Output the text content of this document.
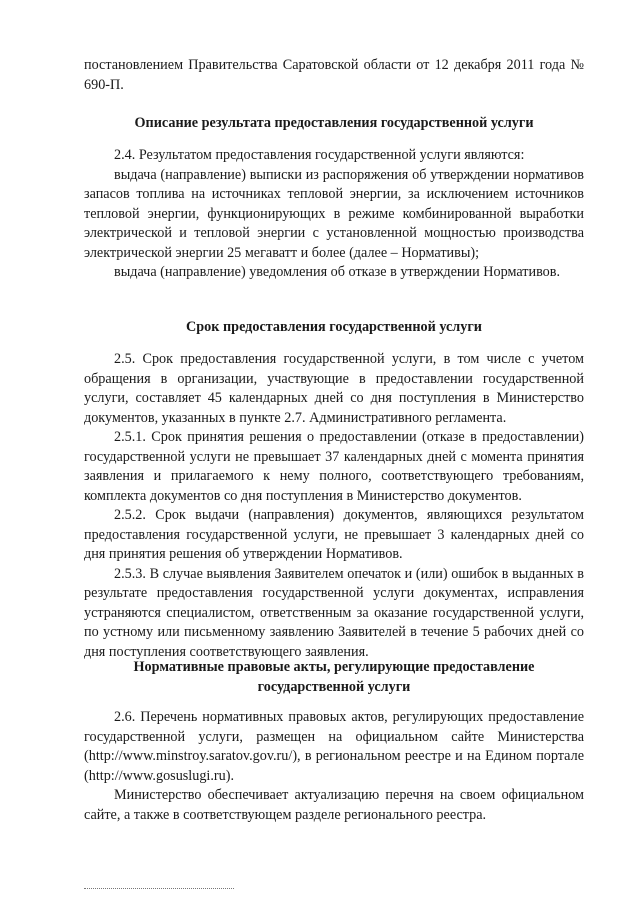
постановлением Правительства Саратовской области от 12 декабря 2011 года № 690-П.

Описание результата предоставления государственной услуги

2.4. Результатом предоставления государственной услуги являются:

выдача (направление) выписки из распоряжения об утверждении нормативов запасов топлива на источниках тепловой энергии, за исключением источников тепловой энергии, функционирующих в режиме комбинированной выработки электрической и тепловой энергии с установленной мощностью производства электрической энергии 25 мегаватт и более (далее – Нормативы);

выдача (направление) уведомления об отказе в утверждении Нормативов.

Срок предоставления государственной услуги

2.5. Срок предоставления государственной услуги, в том числе с учетом обращения в организации, участвующие в предоставлении государственной услуги, составляет 45 календарных дней со дня поступления в Министерство документов, указанных в пункте 2.7. Административного регламента.

2.5.1. Срок принятия решения о предоставлении (отказе в предоставлении) государственной услуги не превышает 37 календарных дней с момента принятия заявления и прилагаемого к нему полного, соответствующего требованиям, комплекта документов со дня поступления в Министерство документов.

2.5.2. Срок выдачи (направления) документов, являющихся результатом предоставления государственной услуги, не превышает 3 календарных дней со дня принятия решения об утверждении Нормативов.

2.5.3. В случае выявления Заявителем опечаток и (или) ошибок в выданных в результате предоставления государственной услуги документах, исправления устраняются специалистом, ответственным за оказание государственной услуги, по устному или письменному заявлению Заявителей в течение 5 рабочих дней со дня поступления соответствующего заявления.

Нормативные правовые акты, регулирующие предоставление государственной услуги

2.6. Перечень нормативных правовых актов, регулирующих предоставление государственной услуги, размещен на официальном сайте Министерства (http://www.minstroy.saratov.gov.ru/), в региональном реестре и на Едином портале (http://www.gosuslugi.ru).

Министерство обеспечивает актуализацию перечня на своем официальном сайте, а также в соответствующем разделе регионального реестра.
